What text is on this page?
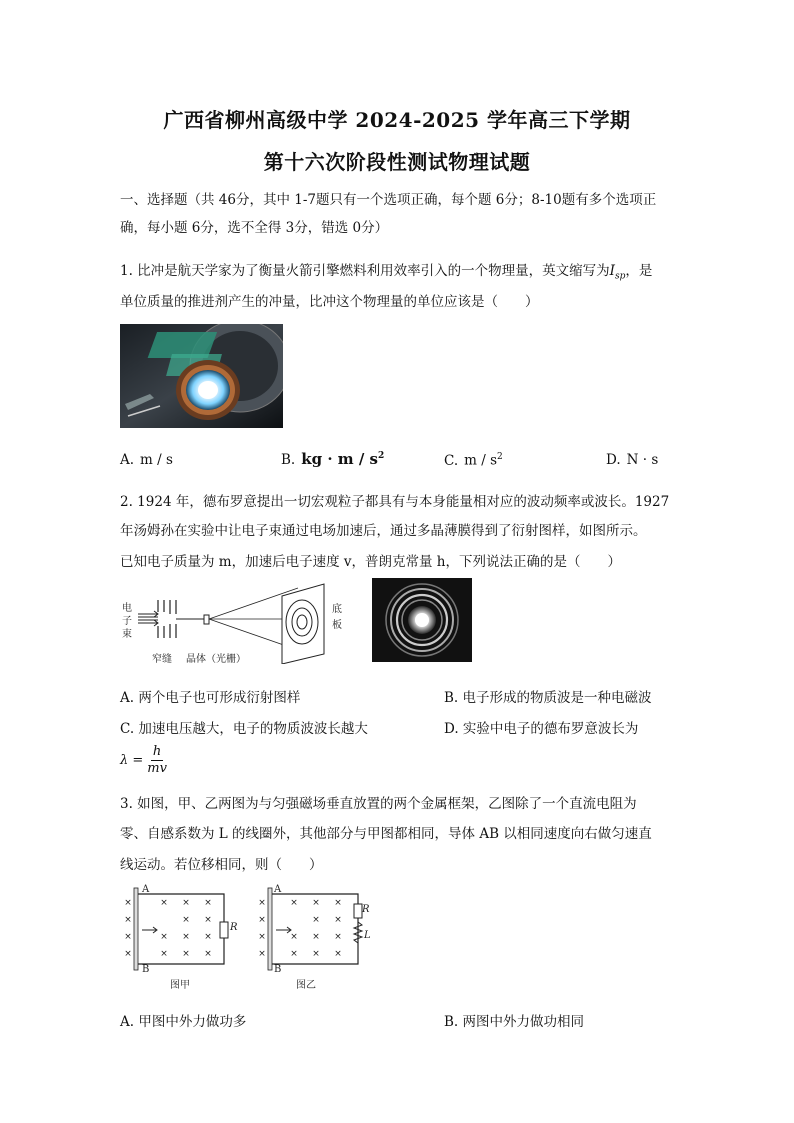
广西省柳州高级中学 2024-2025 学年高三下学期
第十六次阶段性测试物理试题
一、选择题（共 46分，其中 1-7题只有一个选项正确，每个题 6分；8-10题有多个选项正
确，每小题 6分，选不全得 3分，错选 0分）
1. 比冲是航天学家为了衡量火箭引擎燃料利用效率引入的一个物理量，英文缩写为$I_{sp}$，是
单位质量的推进剂产生的冲量，比冲这个物理量的单位应该是（　　）
A. m / s	B. kg · m / $s^2$	C. m / $s^2$	D. N · s
2. 1924 年，德布罗意提出一切宏观粒子都具有与本身能量相对应的波动频率或波长。1927
年汤姆孙在实验中让电子束通过电场加速后，通过多晶薄膜得到了衍射图样，如图所示。
已知电子质量为 m，加速后电子速度 v，普朗克常量 h，下列说法正确的是（　　）
电
子
束
窄缝 晶体（光栅）
底
板
A. 两个电子也可形成衍射图样	B. 电子形成的物质波是一种电磁波
C. 加速电压越大，电子的物质波波长越大	D. 实验中电子的德布罗意波长为
$\lambda = \frac{h}{mv}$
3. 如图，甲、乙两图为与匀强磁场垂直放置的两个金属框架，乙图除了一个直流电阻为
零、自感系数为 L 的线圈外，其他部分与甲图都相同，导体 AB 以相同速度向右做匀速直
线运动。若位移相同，则（　　）
×
×
×
×
×
×
×
×
×
×
×
×
×
×
×
A
B
R
图甲
×
×
×
×
×
×
×
×
×
×
×
×
×
×
×
A
B
R
L
图乙
A. 甲图中外力做功多	B. 两图中外力做功相同
